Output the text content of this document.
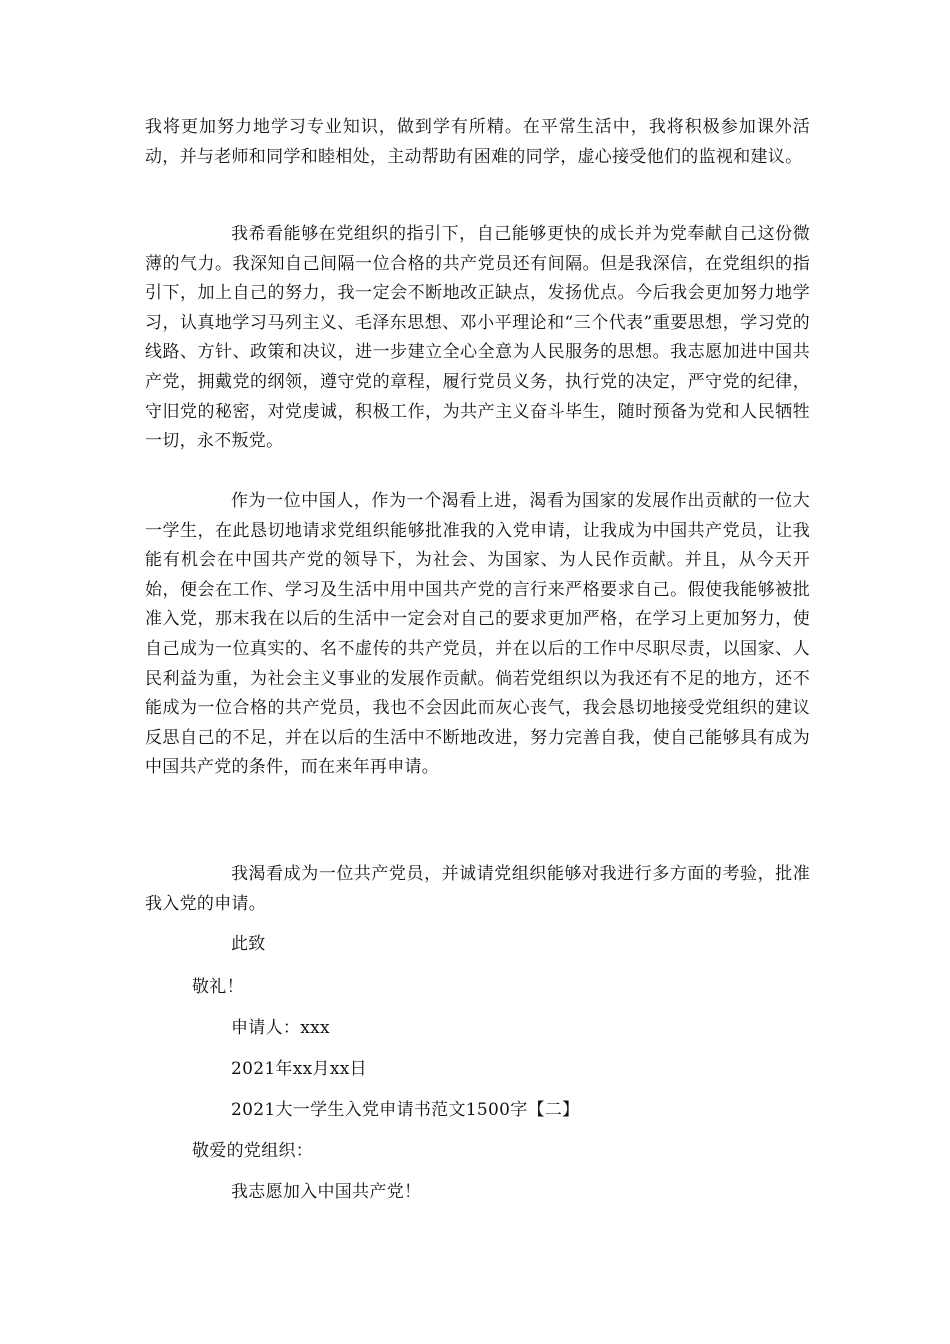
我将更加努力地学习专业知识，做到学有所精。在平常生活中，我将积极参加课外活动，并与老师和同学和睦相处，主动帮助有困难的同学，虚心接受他们的监视和建议。

我希看能够在党组织的指引下，自己能够更快的成长并为党奉献自己这份微薄的气力。我深知自己间隔一位合格的共产党员还有间隔。但是我深信，在党组织的指引下，加上自己的努力，我一定会不断地改正缺点，发扬优点。今后我会更加努力地学习，认真地学习马列主义、毛泽东思想、邓小平理论和“三个代表”重要思想，学习党的线路、方针、政策和决议，进一步建立全心全意为人民服务的思想。我志愿加进中国共产党，拥戴党的纲领，遵守党的章程，履行党员义务，执行党的决定，严守党的纪律，守旧党的秘密，对党虔诚，积极工作，为共产主义奋斗毕生，随时预备为党和人民牺牲一切，永不叛党。

作为一位中国人，作为一个渴看上进，渴看为国家的发展作出贡献的一位大一学生，在此恳切地请求党组织能够批准我的入党申请，让我成为中国共产党员，让我能有机会在中国共产党的领导下，为社会、为国家、为人民作贡献。并且，从今天开始，便会在工作、学习及生活中用中国共产党的言行来严格要求自己。假使我能够被批准入党，那末我在以后的生活中一定会对自己的要求更加严格，在学习上更加努力，使自己成为一位真实的、名不虚传的共产党员，并在以后的工作中尽职尽责，以国家、人民利益为重，为社会主义事业的发展作贡献。倘若党组织以为我还有不足的地方，还不能成为一位合格的共产党员，我也不会因此而灰心丧气，我会恳切地接受党组织的建议反思自己的不足，并在以后的生活中不断地改进，努力完善自我，使自己能够具有成为中国共产党的条件，而在来年再申请。

我渴看成为一位共产党员，并诚请党组织能够对我进行多方面的考验，批准我入党的申请。

此致

敬礼！

申请人：xxx

2021年xx月xx日

2021大一学生入党申请书范文1500字【二】

敬爱的党组织：

我志愿加入中国共产党！
